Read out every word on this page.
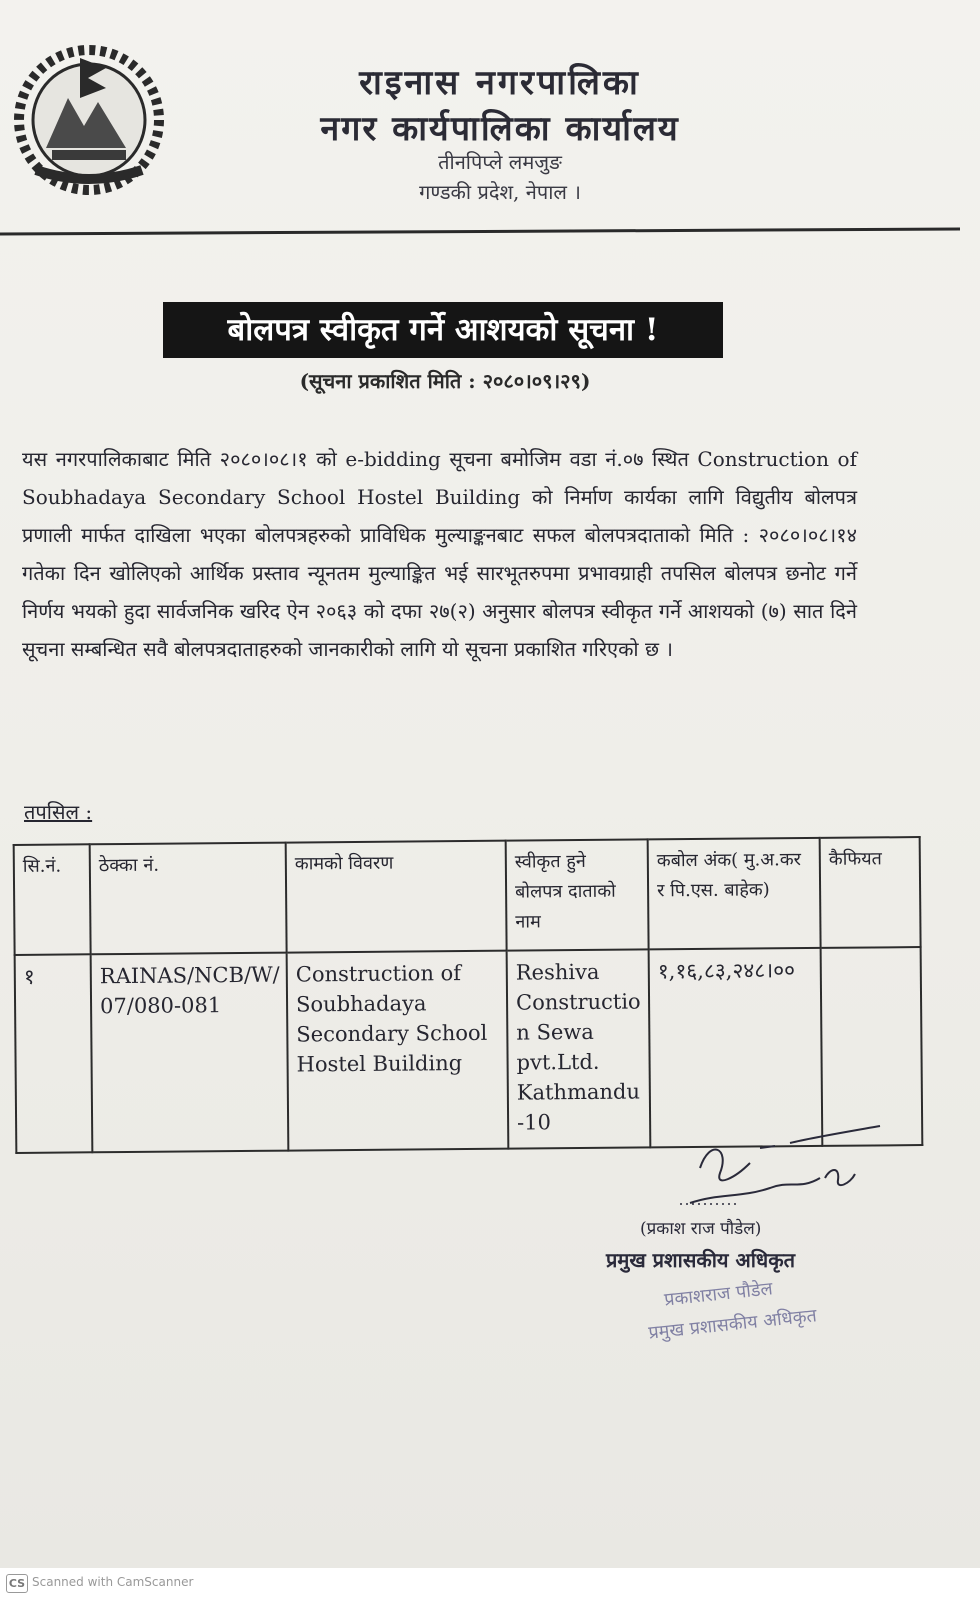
राइनास नगरपालिका
नगर कार्यपालिका कार्यालय
तीनपिप्ले लमजुङ
गण्डकी प्रदेश, नेपाल ।
बोलपत्र स्वीकृत गर्ने आशयको सूचना !
(सूचना प्रकाशित मिति : २०८०।०९।२९)
यस नगरपालिकाबाट मिति २०८०।०८।१ को e-bidding सूचना बमोजिम वडा नं.०७ स्थित Construction of Soubhadaya Secondary School Hostel Building को निर्माण कार्यका लागि विद्युतीय बोलपत्र प्रणाली मार्फत दाखिला भएका बोलपत्रहरुको प्राविधिक मुल्याङ्कनबाट सफल बोलपत्रदाताको मिति : २०८०।०८।१४ गतेका दिन खोलिएको आर्थिक प्रस्ताव न्यूनतम मुल्याङ्कित भई सारभूतरुपमा प्रभावग्राही तपसिल बोलपत्र छनोट गर्ने निर्णय भयको हुदा सार्वजनिक खरिद ऐन २०६३ को दफा २७(२) अनुसार बोलपत्र स्वीकृत गर्ने आशयको (७) सात दिने सूचना सम्बन्धित सवै बोलपत्रदाताहरुको जानकारीको लागि यो सूचना प्रकाशित गरिएको छ ।
तपसिल :
सि.नं.	ठेक्का नं.	कामको विवरण	स्वीकृत हुने बोलपत्र दाताको नाम	कबोल अंक( मु.अ.कर र पि.एस. बाहेक)	कैफियत
१	RAINAS/NCB/W/ 07/080-081	Construction of Soubhadaya Secondary School Hostel Building	Reshiva Constructio n Sewa pvt.Ltd. Kathmandu -10	१,१६,८३,२४८।००	
(प्रकाश राज पौडेल)
प्रमुख प्रशासकीय अधिकृत
प्रकाशराज पौडेल
प्रमुख प्रशासकीय अधिकृत
CS Scanned with CamScanner
